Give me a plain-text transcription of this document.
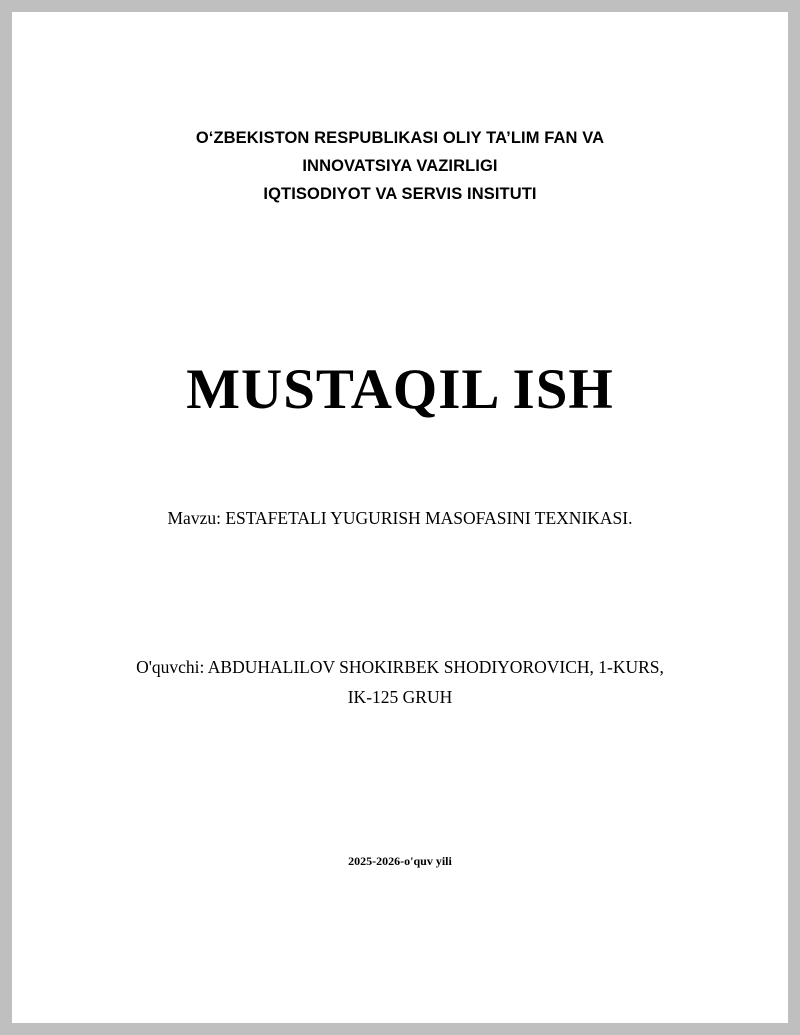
O‘ZBEKISTON RESPUBLIKASI OLIY TA’LIM FAN VA
INNOVATSIYA VAZIRLIGI
IQTISODIYOT VA SERVIS INSITUTI
MUSTAQIL ISH
Mavzu: ESTAFETALI YUGURISH MASOFASINI TEXNIKASI.
O'quvchi: ABDUHALILOV SHOKIRBEK SHODIYOROVICH, 1-KURS,
IK-125 GRUH
2025-2026-o'quv yili
